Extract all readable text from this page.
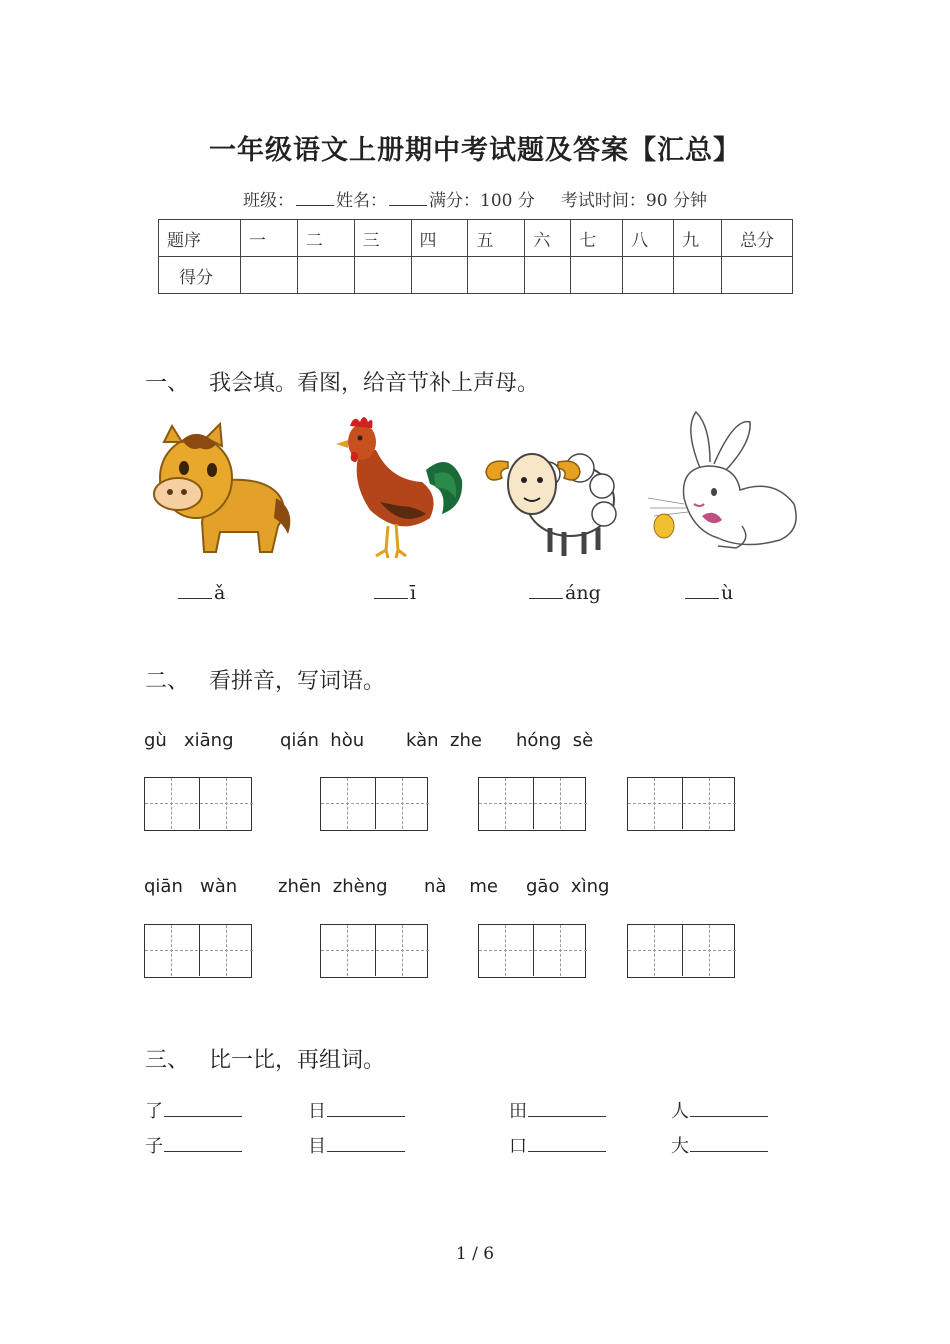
一年级语文上册期中考试题及答案【汇总】
班级： 姓名： 满分：100 分 考试时间：90 分钟
题序	一	二	三	四	五	六	七	八	九	总分
得分										
一、 我会填。看图，给音节补上声母。
ǎ	ī	áng	ù
二、 看拼音，写词语。
gù   xiāng	qián  hòu kàn  zhe hóng  sè
qiān   wàn zhēn  zhèng nà    me gāo  xìng
三、 比一比，再组词。
了	日	田	人
子	目	口	大
1 / 6
